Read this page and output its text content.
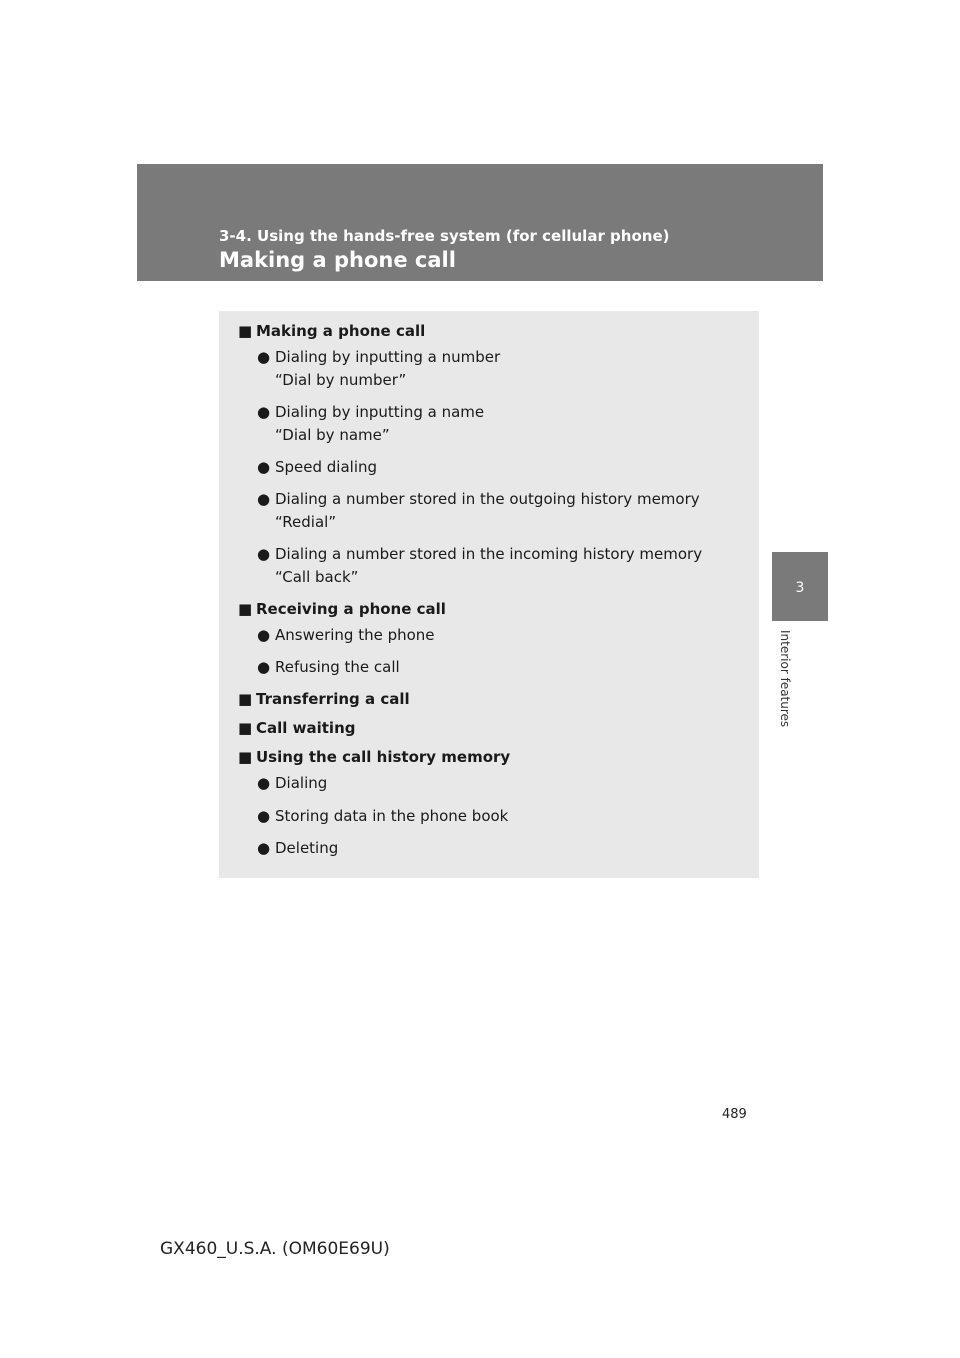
3-4. Using the hands-free system (for cellular phone)
Making a phone call
3
Interior features
■ Making a phone call
● Dialing by inputting a number
“Dial by number”
● Dialing by inputting a name
“Dial by name”
● Speed dialing
● Dialing a number stored in the outgoing history memory
“Redial”
● Dialing a number stored in the incoming history memory
“Call back”
■ Receiving a phone call
● Answering the phone
● Refusing the call
■ Transferring a call
■ Call waiting
■ Using the call history memory
● Dialing
● Storing data in the phone book
● Deleting
489
GX460_U.S.A. (OM60E69U)
